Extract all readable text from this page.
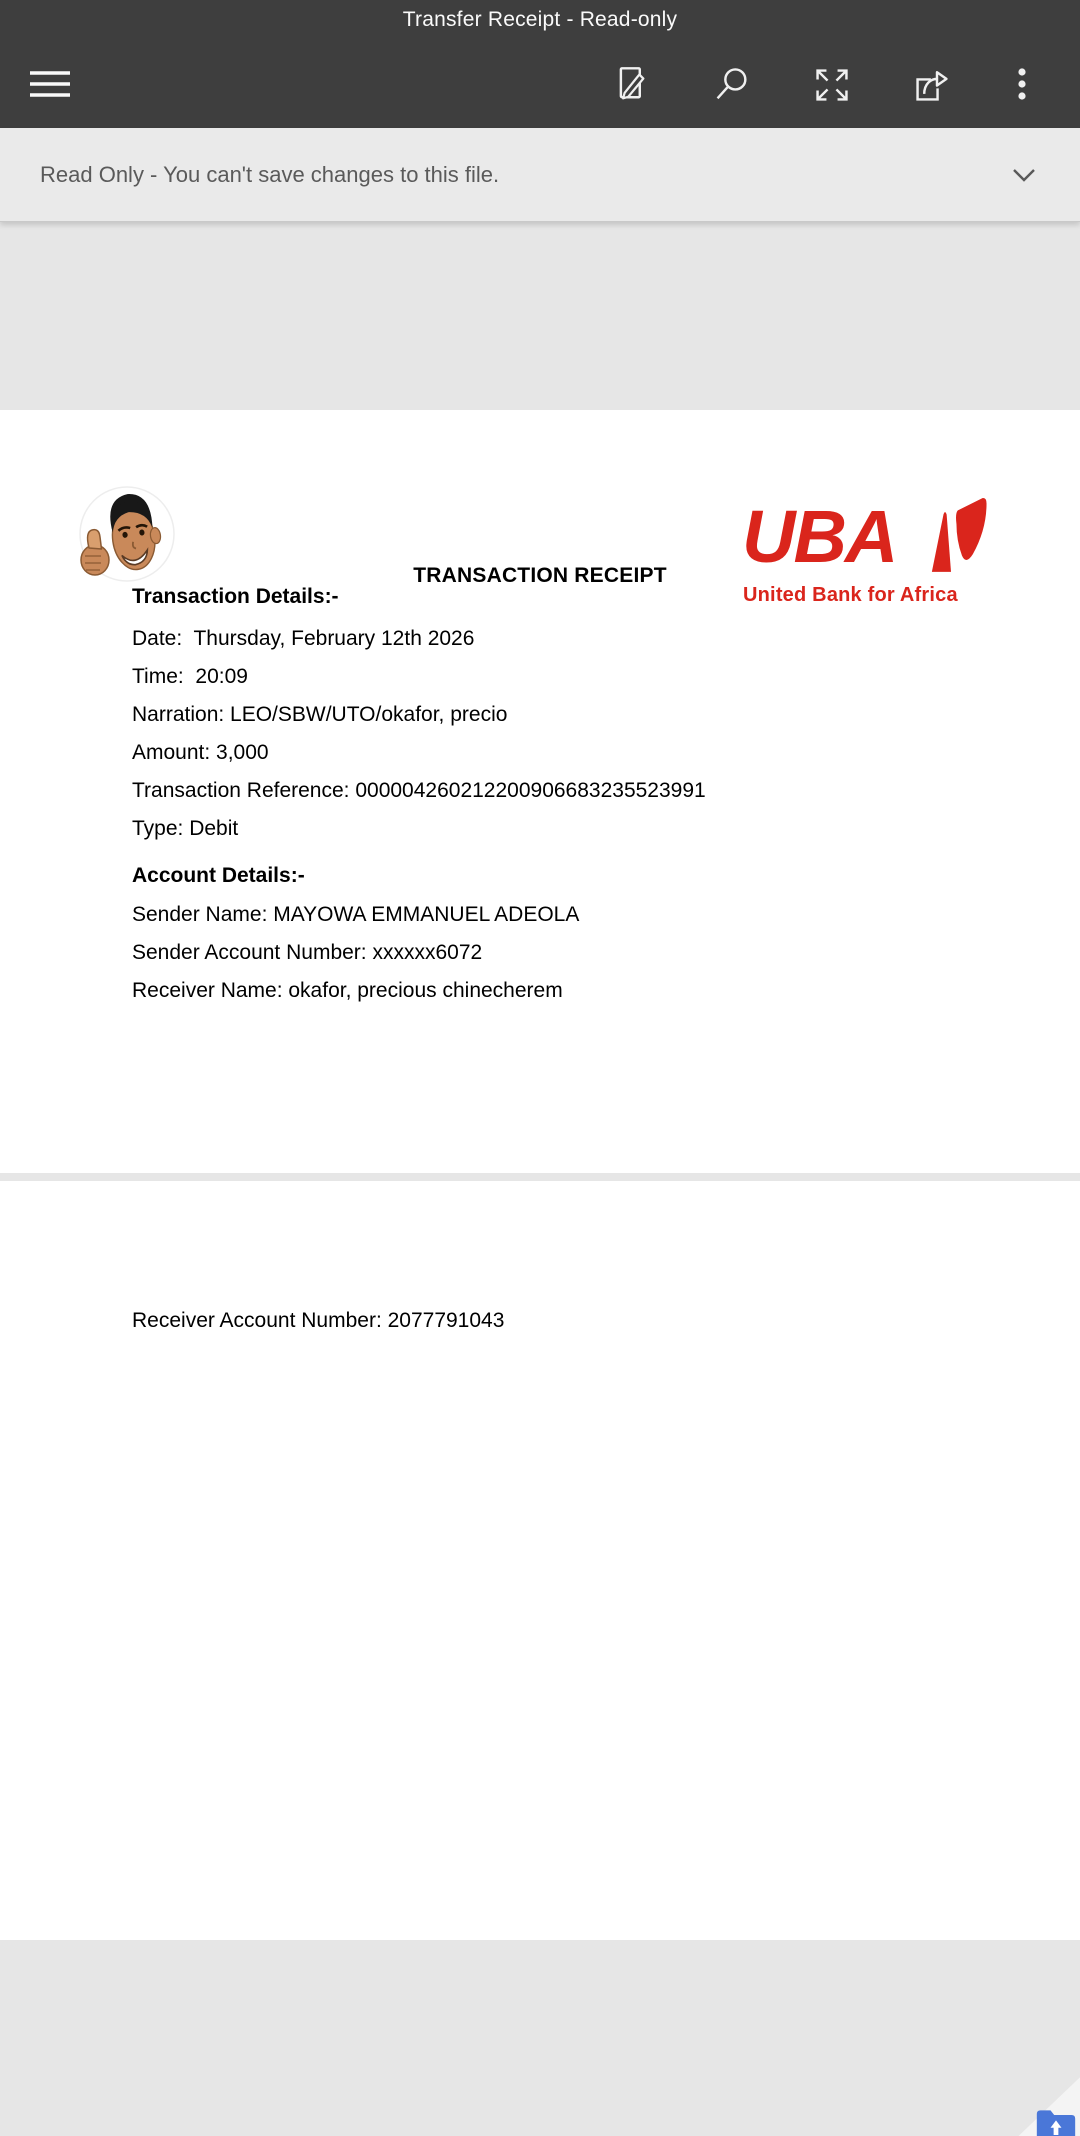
Transfer Receipt - Read-only
Read Only - You can't save changes to this file.
TRANSACTION RECEIPT	UBA
United Bank for Africa
Transaction Details:-
Date:  Thursday, February 12th 2026
Time:  20:09
Narration: LEO/SBW/UTO/okafor, precio
Amount: 3,000
Transaction Reference: 000004260212200906683235523991
Type: Debit
Account Details:-
Sender Name: MAYOWA EMMANUEL ADEOLA
Sender Account Number: xxxxxx6072
Receiver Name: okafor, precious chinecherem
Receiver Account Number: 2077791043
